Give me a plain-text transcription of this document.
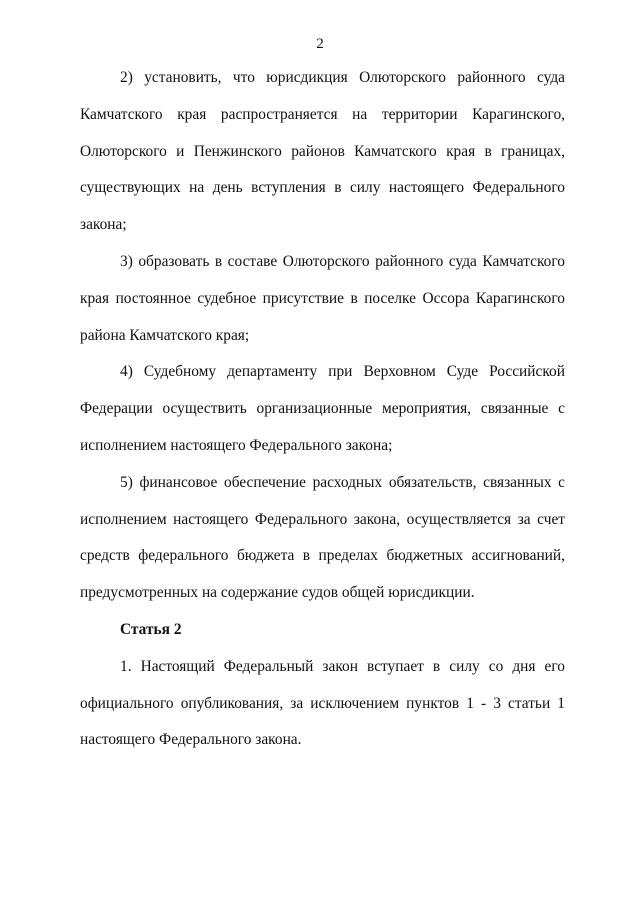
2
2) установить, что юрисдикция Олюторского районного суда
Камчатского края распространяется на территории Карагинского,
Олюторского и Пенжинского районов Камчатского края в границах,
существующих на день вступления в силу настоящего Федерального
закона;
3) образовать в составе Олюторского районного суда Камчатского
края постоянное судебное присутствие в поселке Оссора Карагинского
района Камчатского края;
4) Судебному департаменту при Верховном Суде Российской
Федерации осуществить организационные мероприятия, связанные с
исполнением настоящего Федерального закона;
5) финансовое обеспечение расходных обязательств, связанных с
исполнением настоящего Федерального закона, осуществляется за счет
средств федерального бюджета в пределах бюджетных ассигнований,
предусмотренных на содержание судов общей юрисдикции.
Статья 2
1. Настоящий Федеральный закон вступает в силу со дня его
официального опубликования, за исключением пунктов 1 - 3 статьи 1
настоящего Федерального закона.
